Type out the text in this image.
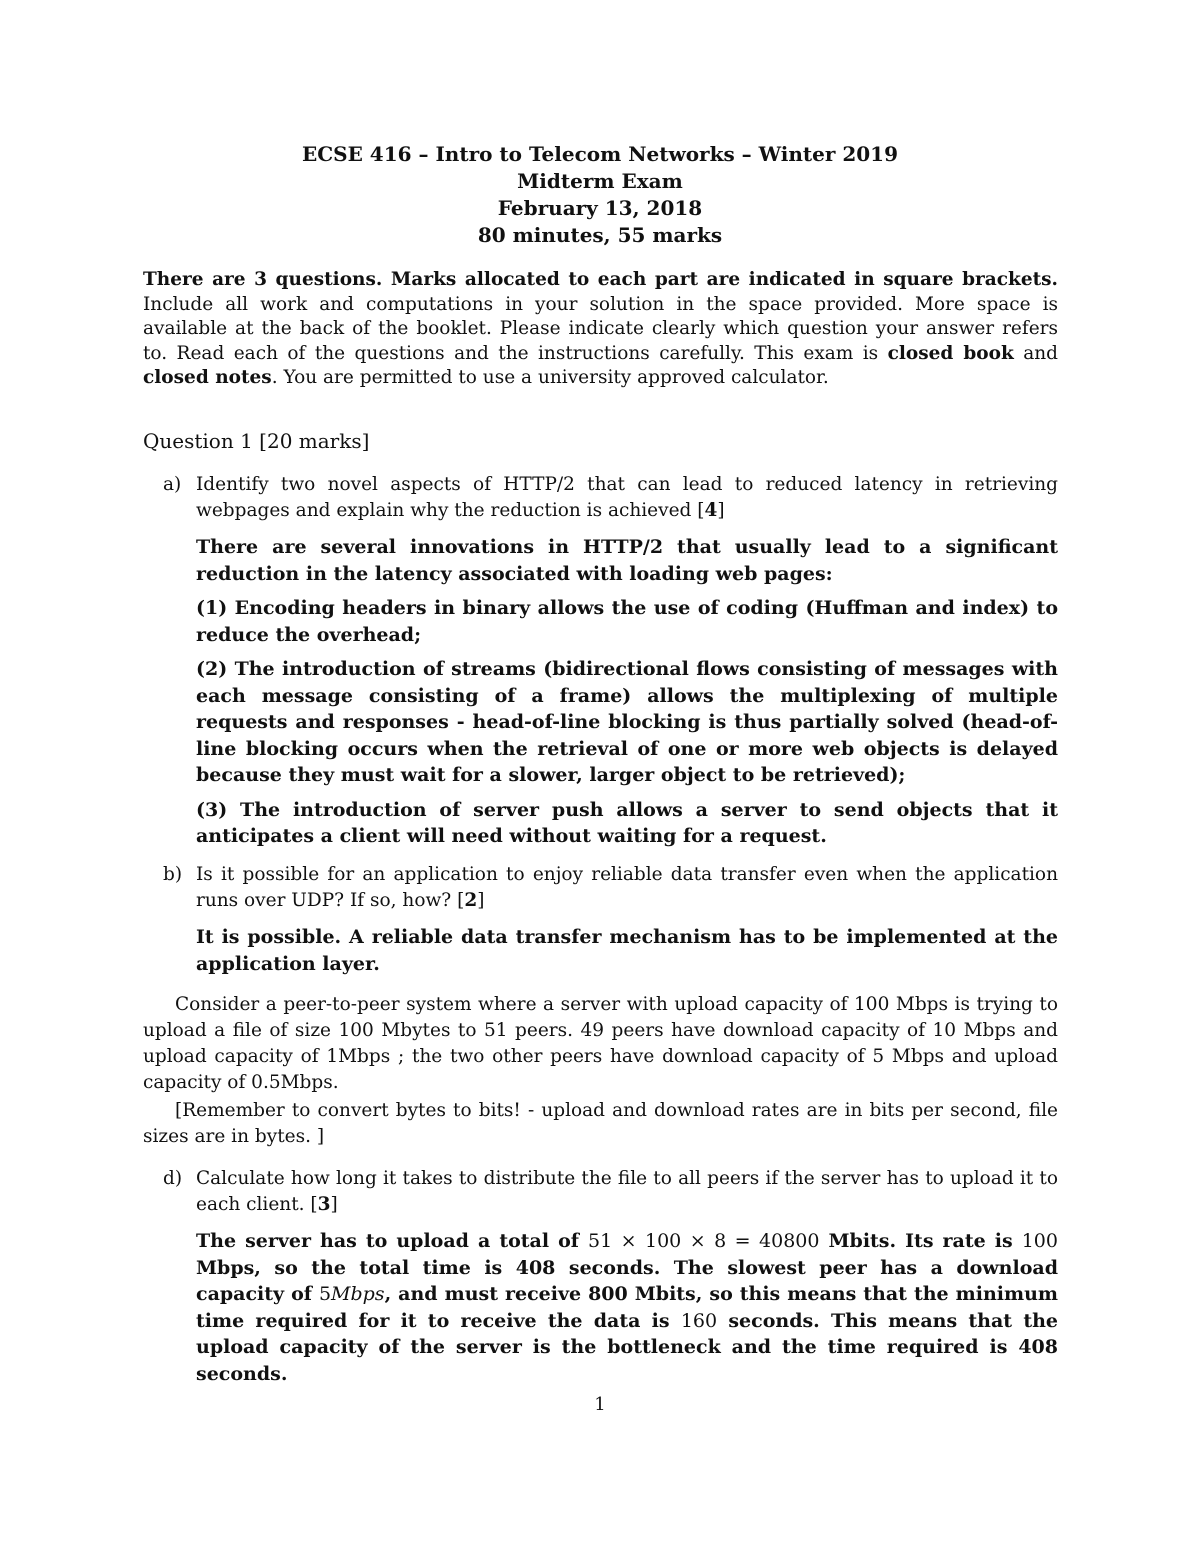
ECSE 416 – Intro to Telecom Networks – Winter 2019
Midterm Exam
February 13, 2018
80 minutes, 55 marks
There are 3 questions. Marks allocated to each part are indicated in square brackets. Include all work and computations in your solution in the space provided. More space is available at the back of the booklet. Please indicate clearly which question your answer refers to. Read each of the questions and the instructions carefully. This exam is closed book and closed notes. You are permitted to use a university approved calculator.
Question 1 [20 marks]
a) Identify two novel aspects of HTTP/2 that can lead to reduced latency in retrieving webpages and explain why the reduction is achieved [4]

There are several innovations in HTTP/2 that usually lead to a significant reduction in the latency associated with loading web pages:

(1) Encoding headers in binary allows the use of coding (Huffman and index) to reduce the overhead;

(2) The introduction of streams (bidirectional flows consisting of messages with each message consisting of a frame) allows the multiplexing of multiple requests and responses - head-of-line blocking is thus partially solved (head-of-line blocking occurs when the retrieval of one or more web objects is delayed because they must wait for a slower, larger object to be retrieved);

(3) The introduction of server push allows a server to send objects that it anticipates a client will need without waiting for a request.

b) Is it possible for an application to enjoy reliable data transfer even when the application runs over UDP? If so, how? [2]

It is possible. A reliable data transfer mechanism has to be implemented at the application layer.

Consider a peer-to-peer system where a server with upload capacity of 100 Mbps is trying to upload a file of size 100 Mbytes to 51 peers. 49 peers have download capacity of 10 Mbps and upload capacity of 1Mbps ; the two other peers have download capacity of 5 Mbps and upload capacity of 0.5Mbps.
[Remember to convert bytes to bits! - upload and download rates are in bits per second, file sizes are in bytes. ]
d) Calculate how long it takes to distribute the file to all peers if the server has to upload it to each client. [3]

The server has to upload a total of 51 × 100 × 8 = 40800 Mbits. Its rate is 100 Mbps, so the total time is 408 seconds. The slowest peer has a download capacity of 5Mbps, and must receive 800 Mbits, so this means that the minimum time required for it to receive the data is 160 seconds. This means that the upload capacity of the server is the bottleneck and the time required is 408 seconds.

1
